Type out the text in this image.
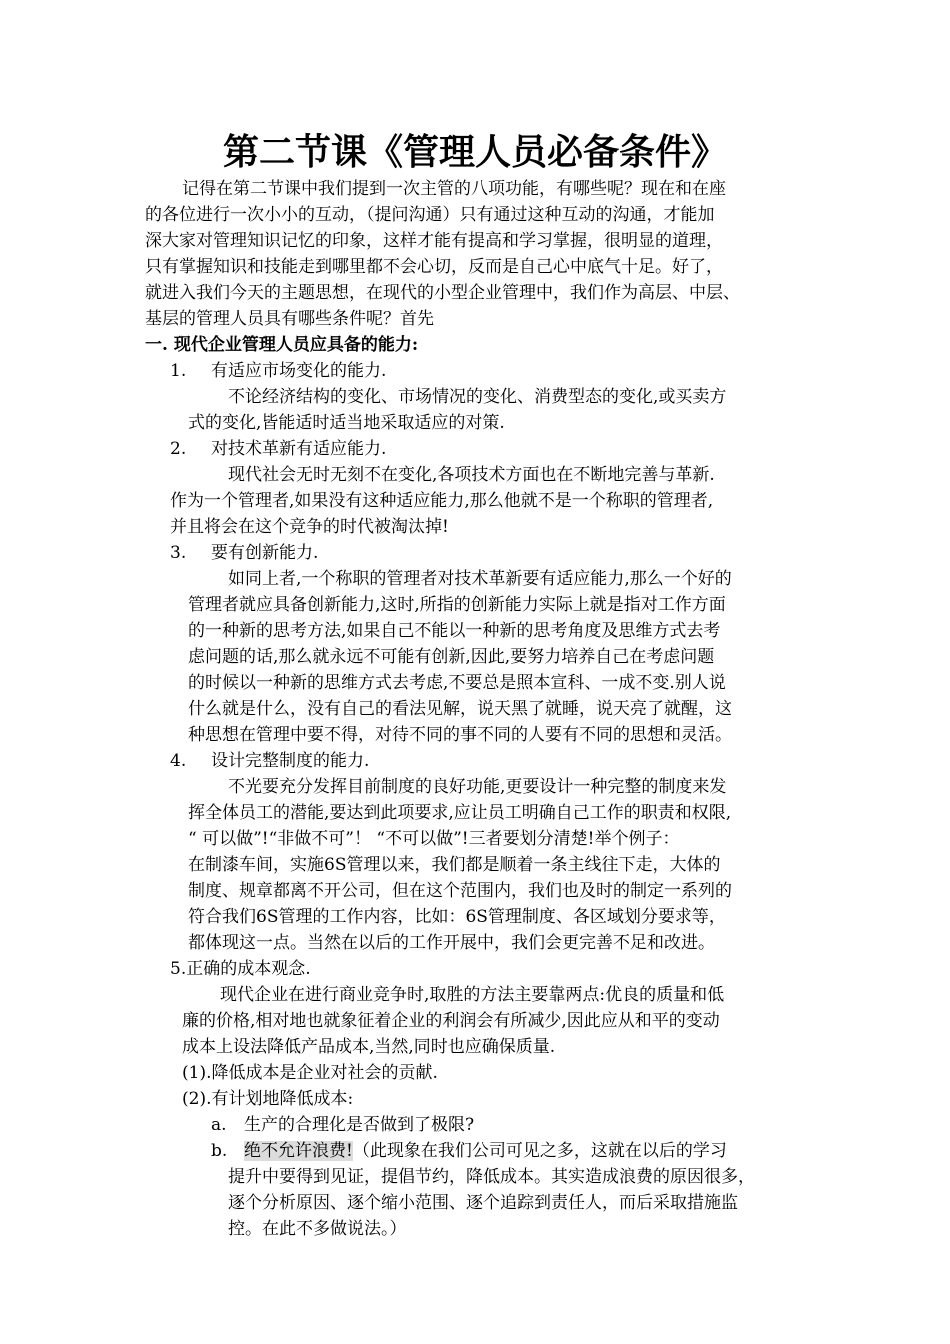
第二节课《管理人员必备条件》
记得在第二节课中我们提到一次主管的八项功能，有哪些呢？现在和在座
的各位进行一次小小的互动，（提问沟通）只有通过这种互动的沟通，才能加
深大家对管理知识记忆的印象，这样才能有提高和学习掌握，很明显的道理，
只有掌握知识和技能走到哪里都不会心切，反而是自己心中底气十足。好了，
就进入我们今天的主题思想，在现代的小型企业管理中，我们作为高层、中层、
基层的管理人员具有哪些条件呢？首先
一. 现代企业管理人员应具备的能力:
1. 有适应市场变化的能力.
不论经济结构的变化、市场情况的变化、消费型态的变化,或买卖方
式的变化,皆能适时适当地采取适应的对策.
2. 对技术革新有适应能力.
现代社会无时无刻不在变化,各项技术方面也在不断地完善与革新.
作为一个管理者,如果没有这种适应能力,那么他就不是一个称职的管理者,
并且将会在这个竞争的时代被淘汰掉!
3. 要有创新能力.
如同上者,一个称职的管理者对技术革新要有适应能力,那么一个好的
管理者就应具备创新能力,这时,所指的创新能力实际上就是指对工作方面
的一种新的思考方法,如果自己不能以一种新的思考角度及思维方式去考
虑问题的话,那么就永远不可能有创新,因此,要努力培养自己在考虑问题
的时候以一种新的思维方式去考虑,不要总是照本宣科、一成不变.别人说
什么就是什么，没有自己的看法见解，说天黑了就睡，说天亮了就醒，这
种思想在管理中要不得，对待不同的事不同的人要有不同的思想和灵活。
4. 设计完整制度的能力.
不光要充分发挥目前制度的良好功能,更要设计一种完整的制度来发
挥全体员工的潜能,要达到此项要求,应让员工明确自己工作的职责和权限,
“ 可以做”!“非做不可”！ “不可以做”!三者要划分清楚!举个例子：
在制漆车间，实施6S管理以来，我们都是顺着一条主线往下走，大体的
制度、规章都离不开公司，但在这个范围内，我们也及时的制定一系列的
符合我们6S管理的工作内容，比如：6S管理制度、各区域划分要求等，
都体现这一点。当然在以后的工作开展中，我们会更完善不足和改进。
5.正确的成本观念.
现代企业在进行商业竞争时,取胜的方法主要靠两点:优良的质量和低
廉的价格,相对地也就象征着企业的利润会有所减少,因此应从和平的变动
成本上设法降低产品成本,当然,同时也应确保质量.
(1).降低成本是企业对社会的贡献.
(2).有计划地降低成本:
a. 生产的合理化是否做到了极限?
b. 绝不允许浪费!（此现象在我们公司可见之多，这就在以后的学习
提升中要得到见证，提倡节约，降低成本。其实造成浪费的原因很多，
逐个分析原因、逐个缩小范围、逐个追踪到责任人，而后采取措施监
控。在此不多做说法。）
